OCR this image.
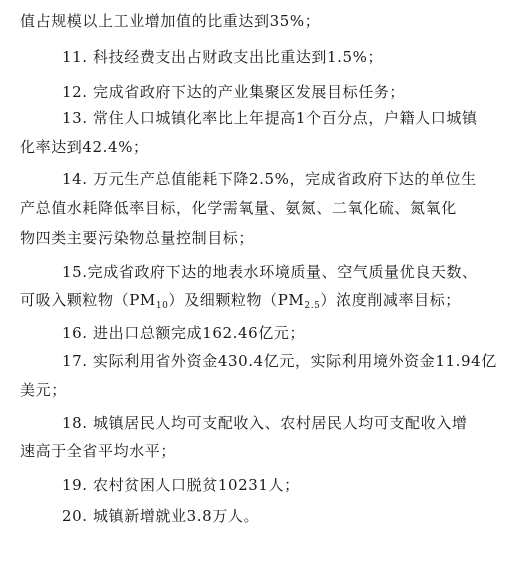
值占规模以上工业增加值的比重达到35%；
11. 科技经费支出占财政支出比重达到1.5%；
12. 完成省政府下达的产业集聚区发展目标任务；
13. 常住人口城镇化率比上年提高1个百分点，户籍人口城镇
化率达到42.4%；
14. 万元生产总值能耗下降2.5%，完成省政府下达的单位生
产总值水耗降低率目标，化学需氧量、氨氮、二氧化硫、氮氧化
物四类主要污染物总量控制目标；
15.完成省政府下达的地表水环境质量、空气质量优良天数、
可吸入颗粒物$(PM_{10})$及细颗粒物$(PM_{2.5})$浓度削减率目标；
16. 进出口总额完成162.46亿元；
17. 实际利用省外资金430.4亿元，实际利用境外资金11.94亿
美元；
18. 城镇居民人均可支配收入、农村居民人均可支配收入增
速高于全省平均水平；
19. 农村贫困人口脱贫10231人；
20. 城镇新增就业3.8万人。
